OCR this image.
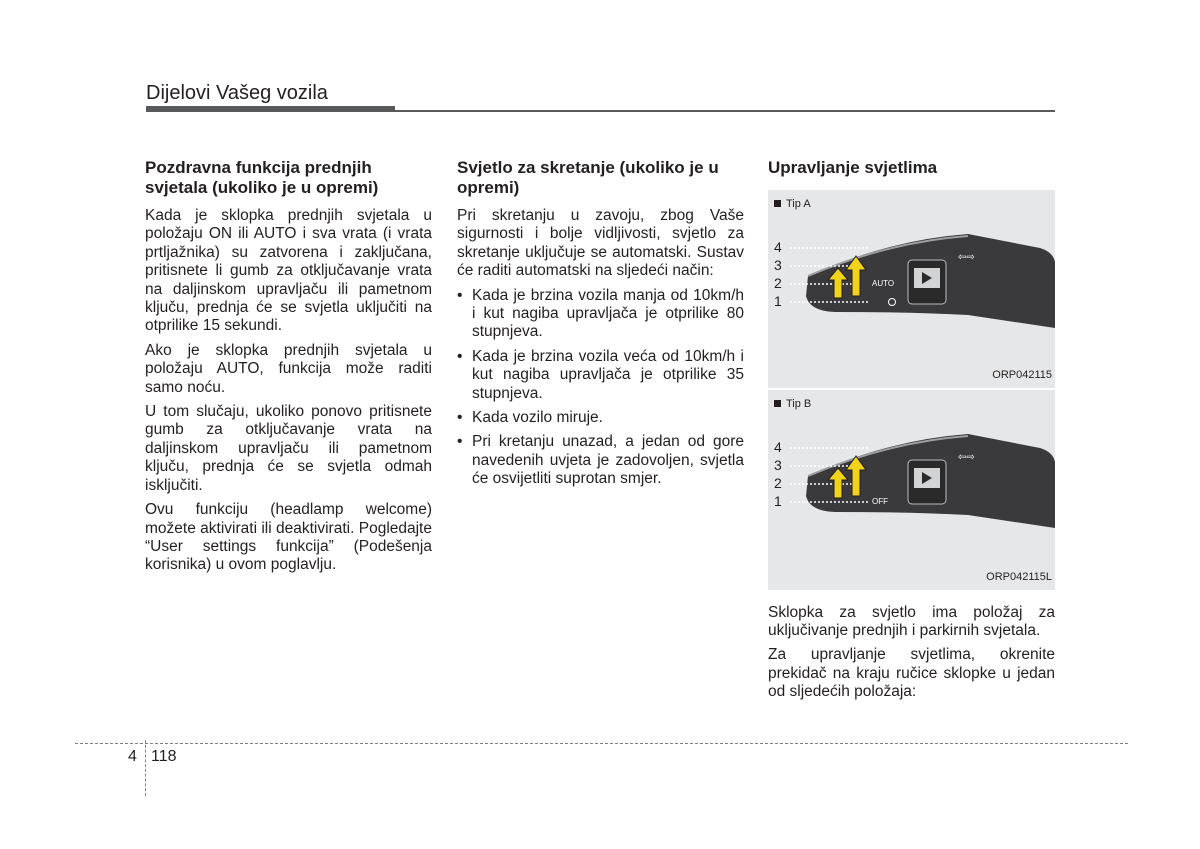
Dijelovi Vašeg vozila
Pozdravna funkcija prednjih svjetala (ukoliko je u opremi)

Kada je sklopka prednjih svjetala u položaju ON ili AUTO i sva vrata (i vrata prtljažnika) su zatvorena i zaključana, pritisnete li gumb za otključavanje vrata na daljinskom upravljaču ili pametnom ključu, prednja će se svjetla uključiti na otprilike 15 sekundi.

Ako je sklopka prednjih svjetala u položaju AUTO, funkcija može raditi samo noću.

U tom slučaju, ukoliko ponovo pritisnete gumb za otključavanje vrata na daljinskom upravljaču ili pametnom ključu, prednja će se svjetla odmah isključiti.

Ovu funkciju (headlamp welcome) možete aktivirati ili deaktivirati. Pogledajte “User settings funkcija” (Podešenja korisnika) u ovom poglavlju.

Svjetlo za skretanje (ukoliko je u opremi)

Pri skretanju u zavoju, zbog Vaše sigurnosti i bolje vidljivosti, svjetlo za skretanje uključuje se automatski. Sustav će raditi automatski na sljedeći način:

• Kada je brzina vozila manja od 10km/h i kut nagiba upravljača je otprilike 80 stupnjeva.
• Kada je brzina vozila veća od 10km/h i kut nagiba upravljača je otprilike 35 stupnjeva.
• Kada vozilo miruje.
• Pri kretanju unazad, a jedan od gore navedenih uvjeta je zadovoljen, svjetla će osvijetliti suprotan smjer.
Upravljanje svjetlima
Tip A
⇦⇨
AUTO
4
3
2
1
ORP042115
Tip B
⇦⇨
OFF
4
3
2
1
ORP042115L

Sklopka za svjetlo ima položaj za uključivanje prednjih i parkirnih svjetala.

Za upravljanje svjetlima, okrenite prekidač na kraju ručice sklopke u jedan od sljedećih položaja:

4 118
